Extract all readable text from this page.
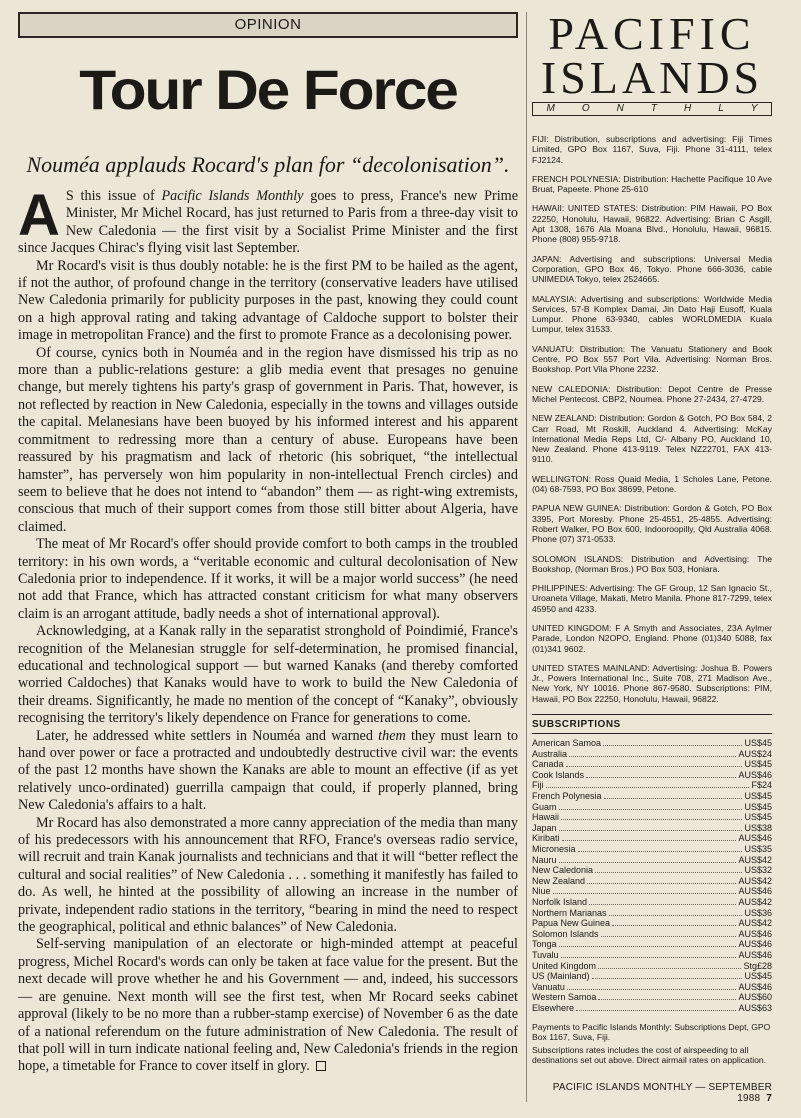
OPINION
Tour De Force
Nouméa applauds Rocard's plan for “decolonisation”.

A S this issue of Pacific Islands Monthly goes to press, France's new Prime Minister, Mr Michel Rocard, has just returned to Paris from a three-day visit to New Caledonia — the first visit by a Socialist Prime Minister and the first since Jacques Chirac's flying visit last September.

Mr Rocard's visit is thus doubly notable: he is the first PM to be hailed as the agent, if not the author, of profound change in the territory (conservative leaders have utilised New Caledonia primarily for publicity purposes in the past, knowing they could count on a high approval rating and taking advantage of Caldoche support to bolster their image in metropolitan France) and the first to promote France as a decolonising power.

Of course, cynics both in Nouméa and in the region have dismissed his trip as no more than a public-relations gesture: a glib media event that presages no genuine change, but merely tightens his party's grasp of government in Paris. That, however, is not reflected by reaction in New Caledonia, especially in the towns and villages outside the capital. Melanesians have been buoyed by his informed interest and his apparent commitment to redressing more than a century of abuse. Europeans have been reassured by his pragmatism and lack of rhetoric (his sobriquet, “the intellectual hamster”, has perversely won him popularity in non-intellectual French circles) and seem to believe that he does not intend to “abandon” them — as right-wing extremists, conscious that much of their support comes from those still bitter about Algeria, have claimed.

The meat of Mr Rocard's offer should provide comfort to both camps in the troubled territory: in his own words, a “veritable economic and cultural decolonisation of New Caledonia prior to independence. If it works, it will be a major world success” (he need not add that France, which has attracted constant criticism for what many observers claim is an arrogant attitude, badly needs a shot of international approval).

Acknowledging, at a Kanak rally in the separatist stronghold of Poindimié, France's recognition of the Melanesian struggle for self-determination, he promised financial, educational and technological support — but warned Kanaks (and thereby comforted worried Caldoches) that Kanaks would have to work to build the New Caledonia of their dreams. Significantly, he made no mention of the concept of “Kanaky”, obviously recognising the territory's likely dependence on France for generations to come.

Later, he addressed white settlers in Nouméa and warned them they must learn to hand over power or face a protracted and undoubtedly destructive civil war: the events of the past 12 months have shown the Kanaks are able to mount an effective (if as yet relatively unco-ordinated) guerrilla campaign that could, if properly planned, bring New Caledonia's affairs to a halt.

Mr Rocard has also demonstrated a more canny appreciation of the media than many of his predecessors with his announcement that RFO, France's overseas radio service, will recruit and train Kanak journalists and technicians and that it will “better reflect the cultural and social realities” of New Caledonia . . . something it manifestly has failed to do. As well, he hinted at the possibility of allowing an increase in the number of private, independent radio stations in the territory, “bearing in mind the need to respect the geographical, political and ethnic balances” of New Caledonia.

Self-serving manipulation of an electorate or high-minded attempt at peaceful progress, Michel Rocard's words can only be taken at face value for the present. But the next decade will prove whether he and his Government — and, indeed, his successors — are genuine. Next month will see the first test, when Mr Rocard seeks cabinet approval (likely to be no more than a rubber-stamp exercise) of November 6 as the date of a national referendum on the future administration of New Caledonia. The result of that poll will in turn indicate national feeling and, New Caledonia's friends in the region hope, a timetable for France to cover itself in glory.

PACIFIC
ISLANDS
M	O	N	T	H	L	Y
FIJI: Distribution, subscriptions and advertising: Fiji Times Limited, GPO Box 1167, Suva, Fiji. Phone 31-4111, telex FJ2124.
FRENCH POLYNESIA: Distribution: Hachette Pacifique 10 Ave Bruat, Papeete. Phone 25-610
HAWAII: UNITED STATES: Distribution: PIM Hawaii, PO Box 22250, Honolulu, Hawaii, 96822. Advertising: Brian C Asgill, Apt 1308, 1676 Ala Moana Blvd., Honolulu, Hawaii, 96815. Phone (808) 955-9718.
JAPAN: Advertising and subscriptions: Universal Media Corporation, GPO Box 46, Tokyo. Phone 666-3036, cable UNIMEDIA Tokyo, telex 2524665.
MALAYSIA: Advertising and subscriptions: Worldwide Media Services, 57-B Komplex Damai, Jin Dato Haji Eusoff, Kuala Lumpur. Phone 63-9340, cables WORLDMEDIA Kuala Lumpur, telex 31533.
VANUATU: Distribution: The Vanuatu Stationery and Book Centre, PO Box 557 Port Vila. Advertising: Norman Bros. Bookshop. Port Vila Phone 2232.
NEW CALEDONIA: Distribution: Depot Centre de Presse Michel Pentecost. CBP2, Noumea. Phone 27-2434, 27-4729.
NEW ZEALAND: Distribution: Gordon & Gotch, PO Box 584, 2 Carr Road, Mt Roskill, Auckland 4. Advertising: McKay International Media Reps Ltd, C/- Albany PO, Auckland 10, New Zealand. Phone 413-9119. Telex NZ22701, FAX 413-9110.
WELLINGTON: Ross Quaid Media, 1 Scholes Lane, Petone. (04) 68-7593, PO Box 38699, Petone.
PAPUA NEW GUINEA: Distribution: Gordon & Gotch, PO Box 3395, Port Moresby. Phone 25-4551, 25-4855. Advertising: Robert Walker, PO Box 600, Indooroopilly, Qld Australia 4068. Phone (07) 371-0533.
SOLOMON ISLANDS: Distribution and Advertising: The Bookshop, (Norman Bros.) PO Box 503, Honiara.
PHILIPPINES: Advertising: The GF Group, 12 San Ignacio St., Uroaneta Village, Makati, Metro Manila. Phone 817-7299, telex 45950 and 4233.
UNITED KINGDOM: F A Smyth and Associates, 23A Aylmer Parade, London N2OPO, England. Phone (01)340 5088, fax (01)341 9602.
UNITED STATES MAINLAND: Advertising: Joshua B. Powers Jr., Powers International Inc., Suite 708, 271 Madison Ave., New York, NY 10016. Phone 867-9580. Subscriptions: PIM, Hawaii, PO Box 22250, Honolulu, Hawaii, 96822.
SUBSCRIPTIONS
American Samoa	US$45
Australia	AUS$24
Canada	US$45
Cook Islands	AUS$46
Fiji	F$24
French Polynesia	US$45
Guam	US$45
Hawaii	US$45
Japan	US$38
Kiribati	AUS$46
Micronesia	US$35
Nauru	AUS$42
New Caledonia	US$32
New Zealand	AUS$42
Niue	AUS$46
Norfolk Island	AUS$42
Northern Marianas	US$36
Papua New Guinea	AUS$42
Solomon Islands	AUS$46
Tonga	AUS$46
Tuvalu	AUS$46
United Kingdom	Stg£28
US (Mainland)	US$45
Vanuatu	AUS$46
Western Samoa	AUS$60
Elsewhere	AUS$63

Payments to Pacific Islands Monthly: Subscriptions Dept, GPO Box 1167, Suva, Fiji.

Subscriptions rates includes the cost of airspeeding to all destinations set out above. Direct airmail rates on application.

PACIFIC ISLANDS MONTHLY — SEPTEMBER 1988 7
